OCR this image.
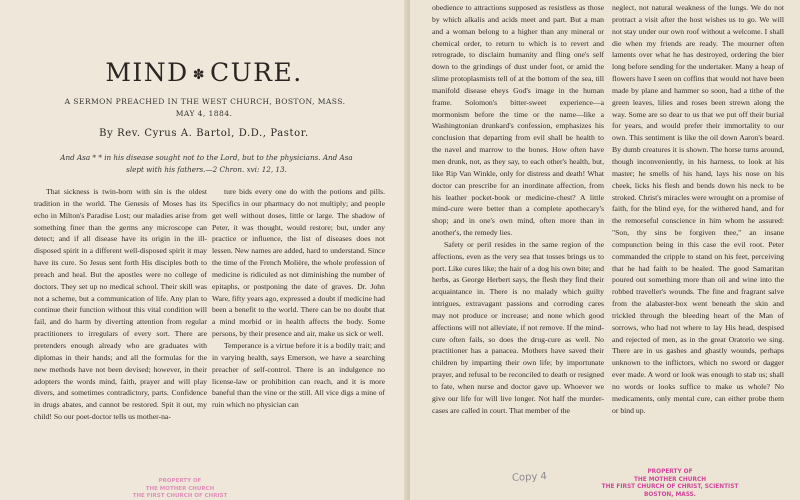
MIND ✽ CURE.
A SERMON PREACHED IN THE WEST CHURCH, BOSTON, MASS.
MAY 4, 1884.
By Rev. Cyrus A. Bartol, D.D., Pastor.
And Asa * * in his disease sought not to the Lord, but to the physicians. And Asa
slept with his fathers.—2 Chron. xvi: 12, 13.

That sickness is twin-born with sin is the oldest tradition in the world. The Genesis of Moses has its echo in Milton's Paradise Lost; our maladies arise from something finer than the germs any microscope can detect; and if all disease have its origin in the ill-disposed spirit in a different well-disposed spirit it may have its cure. So Jesus sent forth His disciples both to preach and heal. But the apostles were no college of doctors. They set up no medical school. Their skill was not a scheme, but a communication of life. Any plan to continue their function without this vital condition will fail, and do harm by diverting attention from regular practitioners to irregulars of every sort. There are pretenders enough already who are graduates with diplomas in their hands; and all the formulas for the new methods have not been devised; however, in their adopters the words mind, faith, prayer and will play divers, and sometimes contradictory, parts. Confidence in drugs abates, and cannot be restored. Spit it out, my child! So our poet-doctor tells us mother-na-

ture bids every one do with the potions and pills. Specifics in our pharmacy do not multiply; and people get well without doses, little or large. The shadow of Peter, it was thought, would restore; but, under any practice or influence, the list of diseases does not lessen. New names are added, hard to understand. Since the time of the French Molière, the whole profession of medicine is ridiculed as not diminishing the number of epitaphs, or postponing the date of graves. Dr. John Ware, fifty years ago, expressed a doubt if medicine had been a benefit to the world. There can be no doubt that a mind morbid or in health affects the body. Some persons, by their presence and air, make us sick or well.

Temperance is a virtue before it is a bodily trait; and in varying health, says Emerson, we have a searching preacher of self-control. There is an indulgence no license-law or prohibition can reach, and it is more baneful than the vine or the still. All vice digs a mine of ruin which no physician can

PROPERTY OF
THE MOTHER CHURCH
THE FIRST CHURCH OF CHRIST

obedience to attractions supposed as resistless as those by which alkalis and acids meet and part. But a man and a woman belong to a higher than any mineral or chemical order, to return to which is to revert and retrograde, to disclaim humanity and fling one's self down to the grindings of dust under foot, or amid the slime protoplasmists tell of at the bottom of the sea, till manifold disease eheys God's image in the human frame. Solomon's bitter-sweet experience—a mormonism before the time or the name—like a Washingtonian drunkard's confession, emphasizes his conclusion that departing from evil shall be health to the navel and marrow to the bones. How often have men drunk, not, as they say, to each other's health, but, like Rip Van Winkle, only for distress and death! What doctor can prescribe for an inordinate affection, from his leather pocket-book or medicine-chest? A little mind-cure were better than a complete apothecary's shop; and in one's own mind, often more than in another's, the remedy lies.

Safety or peril resides in the same region of the affections, even as the very sea that tosses brings us to port. Like cures like; the hair of a dog his own bite; and herbs, as George Herbert says, the flesh they find their acquaintance in. There is no malady which guilty intrigues, extravagant passions and corroding cares may not produce or increase; and none which good affections will not alleviate, if not remove. If the mind-cure often fails, so does the drug-cure as well. No practitioner has a panacea. Mothers have saved their children by imparting their own life; by importunate prayer, and refusal to be reconciled to death or resigned to fate, when nurse and doctor gave up. Whoever we give our life for will live longer. Not half the murder-cases are called in court. That member of the

neglect, not natural weakness of the lungs. We do not protract a visit after the host wishes us to go. We will not stay under our own roof without a welcome. I shall die when my friends are ready. The mourner often laments over what he has destroyed, ordering the bier long before sending for the undertaker. Many a heap of flowers have I seen on coffins that would not have been made by plane and hammer so soon, had a tithe of the green leaves, lilies and roses been strewn along the way. Some are so dear to us that we put off their burial for years, and would prefer their immortality to our own. This sentiment is like the oil down Aaron's beard. By dumb creatures it is shown. The horse turns around, though inconveniently, in his harness, to look at his master; he smells of his hand, lays his nose on his cheek, licks his flesh and bends down his neck to be stroked. Christ's miracles were wrought on a promise of faith, for the blind eye, for the withered hand, and for the remorseful conscience in him whom he assured: "Son, thy sins be forgiven thee," an insane compunction being in this case the evil root. Peter commanded the cripple to stand on his feet, perceiving that he had faith to be healed. The good Samaritan poured out something more than oil and wine into the robbed traveller's wounds. The fine and fragrant salve from the alabaster-box went beneath the skin and trickled through the bleeding heart of the Man of sorrows, who had not where to lay His head, despised and rejected of men, as in the great Oratorio we sing. There are in us gashes and ghastly wounds, perhaps unknown to the inflictors, which no sword or dagger ever made. A word or look was enough to stab us; shall no words or looks suffice to make us whole? No medicaments, only mental cure, can either probe them or bind up.

Copy 4	PROPERTY OF
THE MOTHER CHURCH
THE FIRST CHURCH OF CHRIST, SCIENTIST
BOSTON, MASS.
